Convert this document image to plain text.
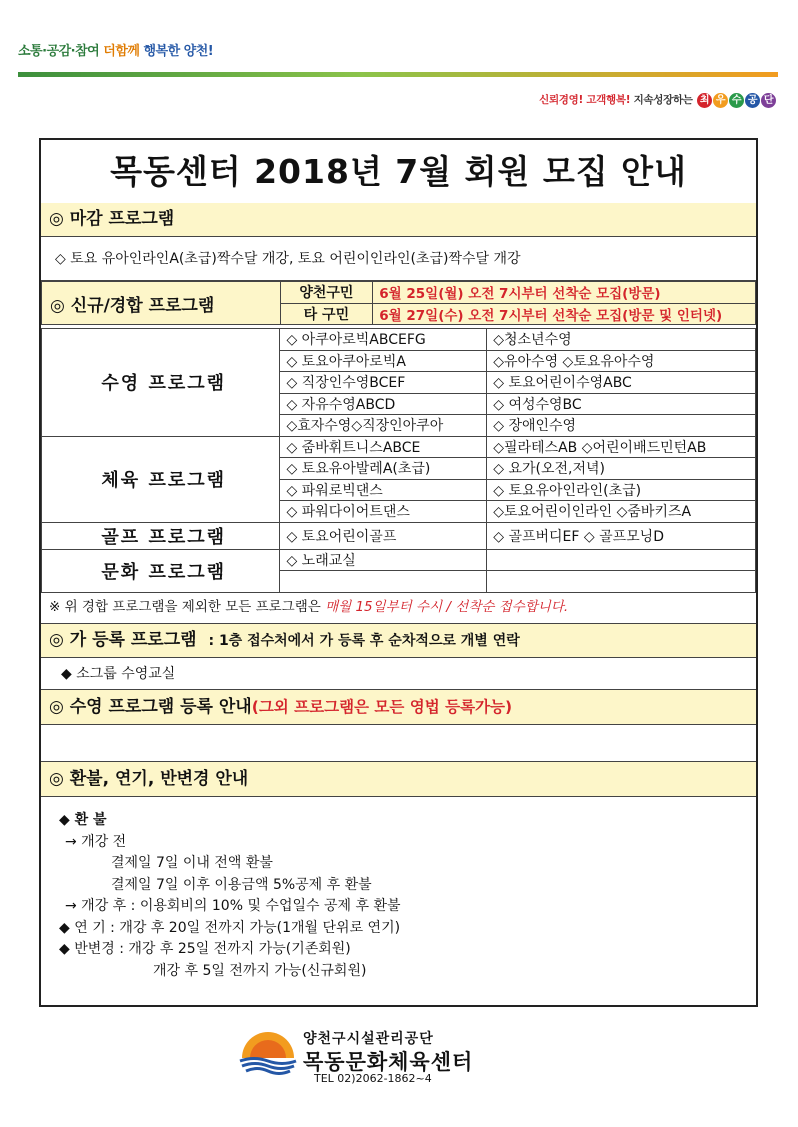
소통·공감·참여 더함께 행복한 양천!
신뢰경영! 고객행복! 지속성장하는 최 우 수 공 단
목동센터 2018년 7월 회원 모집 안내
◎ 마감 프로그램
◇ 토요 유아인라인A(초급)짝수달 개강, 토요 어린이인라인(초급)짝수달 개강
◎ 신규/경합 프로그램	양천구민	6월 25일(월) 오전 7시부터 선착순 모집(방문)
	타 구민	6월 27일(수) 오전 7시부터 선착순 모집(방문 및 인터넷)
수영 프로그램	◇ 아쿠아로빅ABCEFG	◇청소년수영
	◇ 토요아쿠아로빅A	◇유아수영 ◇토요유아수영
	◇ 직장인수영BCEF	◇ 토요어린이수영ABC
	◇ 자유수영ABCD	◇ 여성수영BC
	◇효자수영◇직장인아쿠아	◇ 장애인수영
체육 프로그램	◇ 줌바휘트니스ABCE	◇필라테스AB ◇어린이배드민턴AB
	◇ 토요유아발레A(초급)	◇ 요가(오전,저녁)
	◇ 파워로빅댄스	◇ 토요유아인라인(초급)
	◇ 파워다이어트댄스	◇토요어린이인라인 ◇줌바키즈A
골프 프로그램	◇ 토요어린이골프	◇ 골프버디EF ◇ 골프모닝D
문화 프로그램	◇ 노래교실	

※ 위 경합 프로그램을 제외한 모든 프로그램은 매월 15일부터 수시 / 선착순 접수합니다.
◎ 가 등록 프로그램 : 1층 접수처에서 가 등록 후 순차적으로 개별 연락
◆ 소그룹 수영교실
◎ 수영 프로그램 등록 안내(그외 프로그램은 모든 영법 등록가능)
◎ 환불, 연기, 반변경 안내
◆ 환 불
→ 개강 전
결제일 7일 이내 전액 환불
결제일 7일 이후 이용금액 5%공제 후 환불
→ 개강 후 : 이용회비의 10% 및 수업일수 공제 후 환불
◆ 연 기 : 개강 후 20일 전까지 가능(1개월 단위로 연기)
◆ 반변경 : 개강 후 25일 전까지 가능(기존회원)
개강 후 5일 전까지 가능(신규회원)
양천구시설관리공단
목동문화체육센터
TEL 02)2062-1862~4
